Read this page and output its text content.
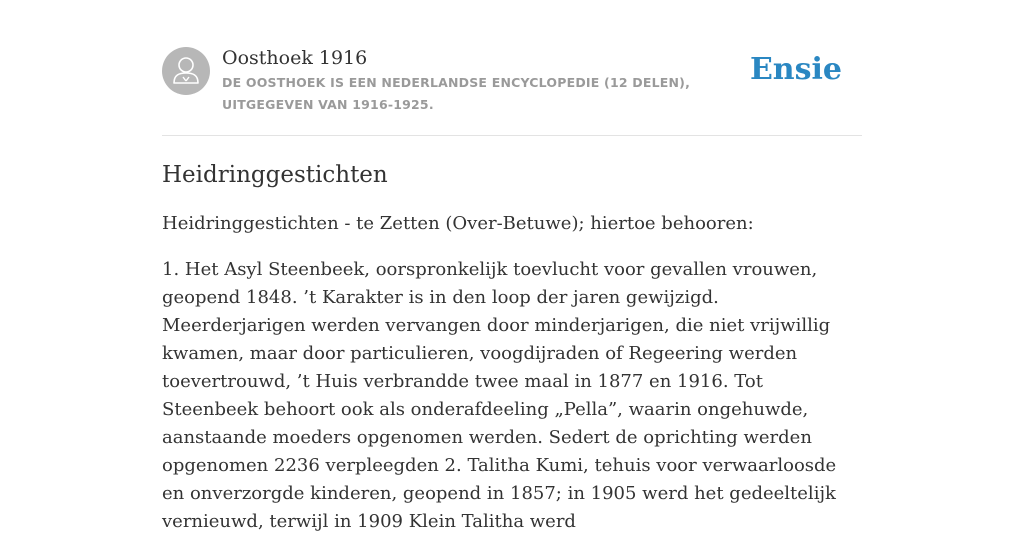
Oosthoek 1916
DE OOSTHOEK IS EEN NEDERLANDSE ENCYCLOPEDIE (12 DELEN), UITGEGEVEN VAN 1916-1925.
Ensie
Heidringgestichten

Heidringgestichten - te Zetten (Over-Betuwe); hiertoe behooren:

1. Het Asyl Steenbeek, oorspronkelijk toevlucht voor gevallen vrouwen, geopend 1848. ’t Karakter is in den loop der jaren gewijzigd. Meerderjarigen werden vervangen door minderjarigen, die niet vrijwillig kwamen, maar door particulieren, voogdijraden of Regeering werden toevertrouwd, ’t Huis verbrandde twee maal in 1877 en 1916. Tot Steenbeek behoort ook als onderafdeeling „Pella”, waarin ongehuwde, aanstaande moeders opgenomen werden. Sedert de oprichting werden opgenomen 2236 verpleegden 2. Talitha Kumi, tehuis voor verwaarloosde en onverzorgde kinderen, geopend in 1857; in 1905 werd het gedeeltelijk vernieuwd, terwijl in 1909 Klein Talitha werd
